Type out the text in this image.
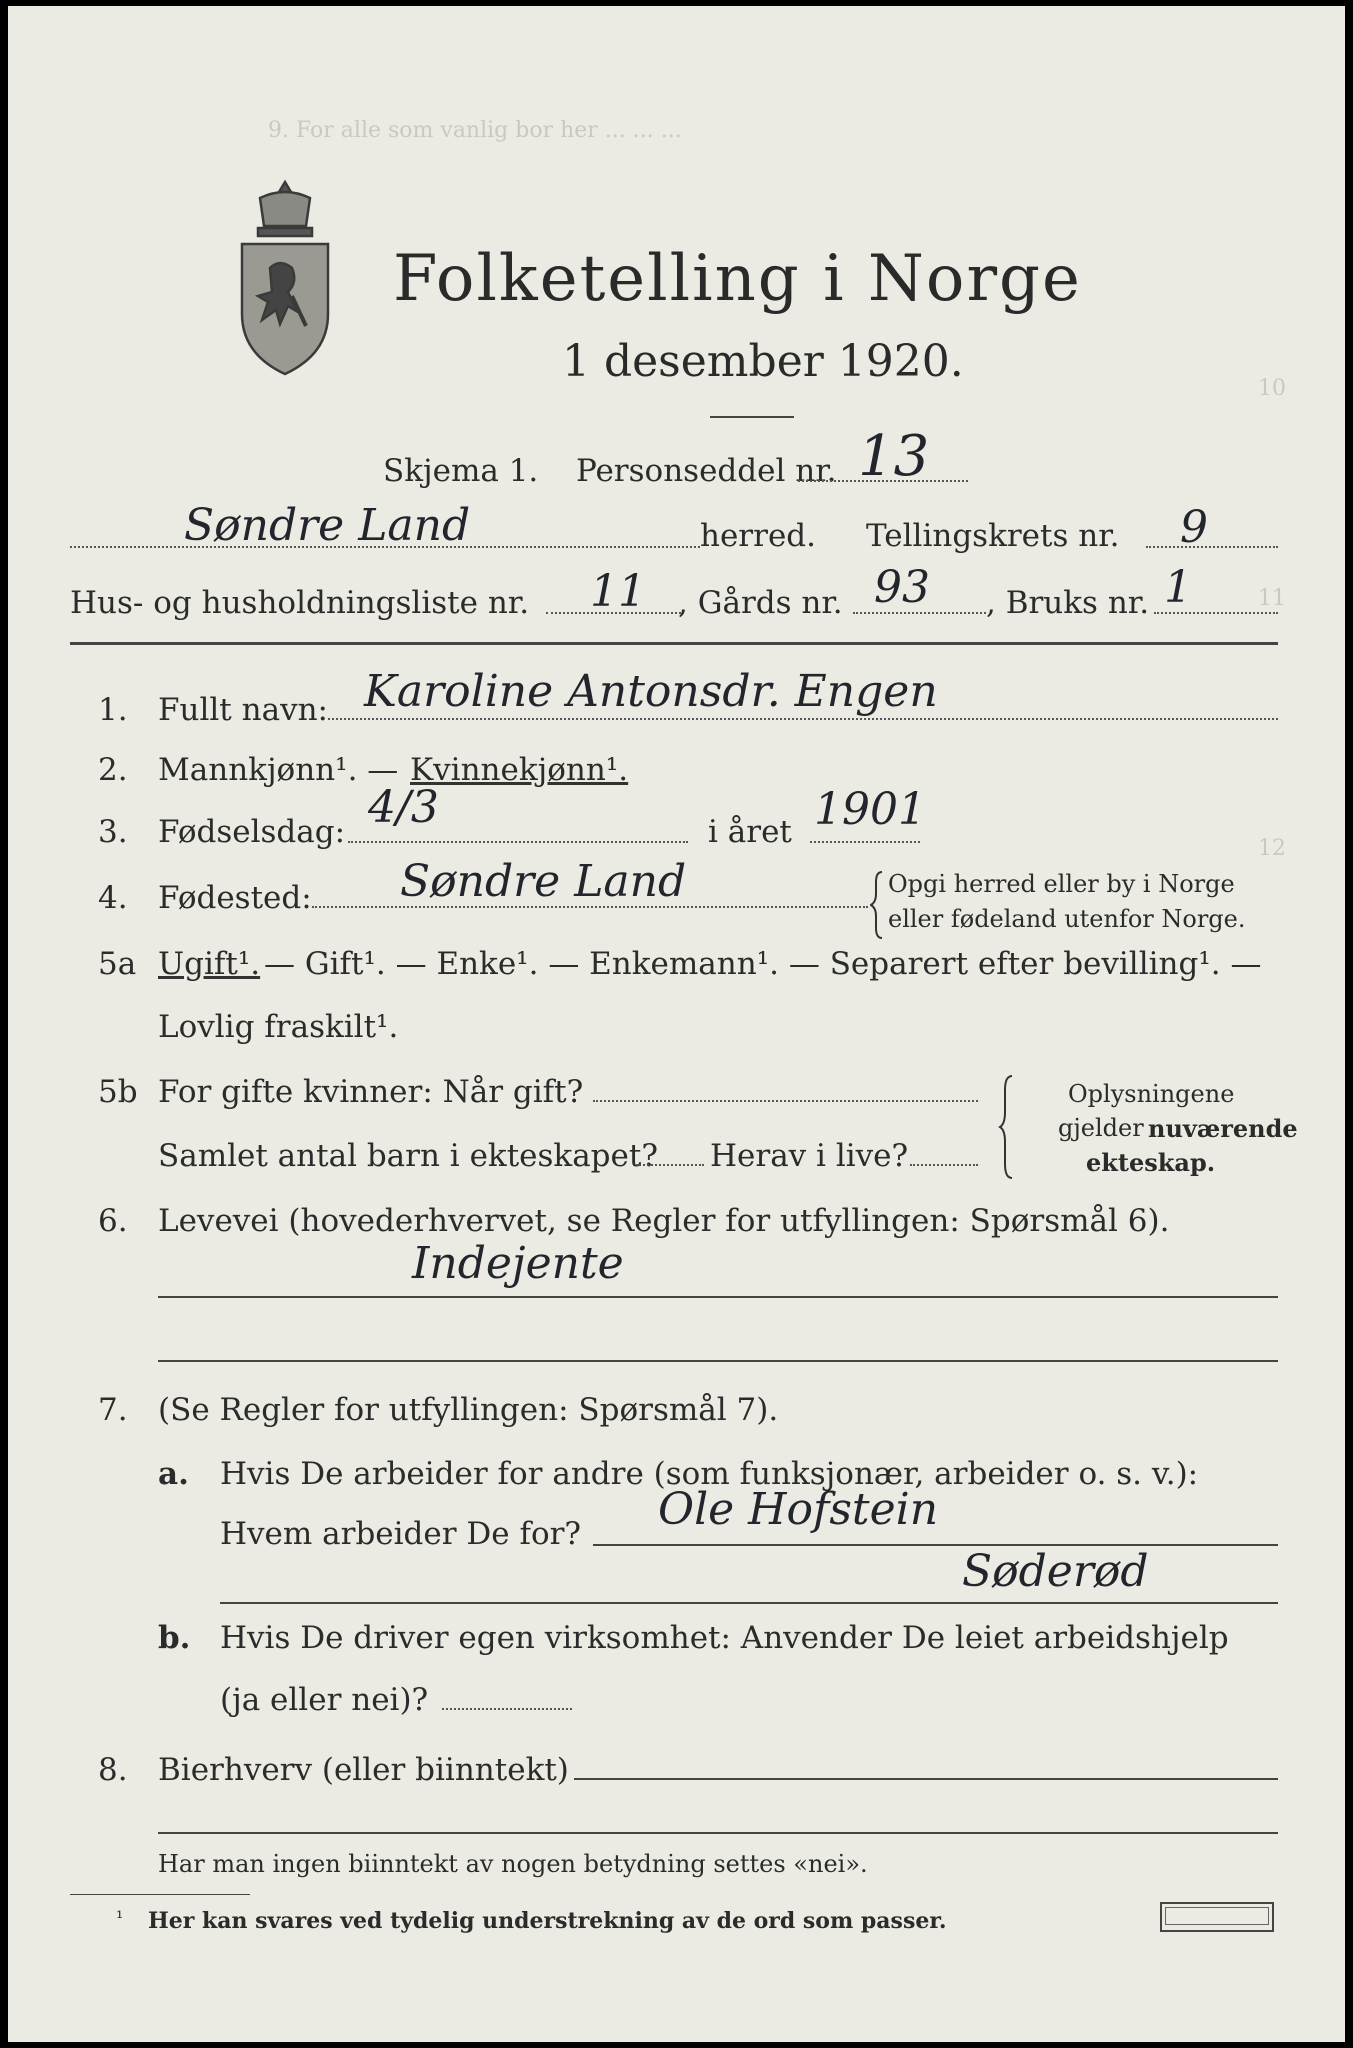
9. For alle som vanlig bor her ... ... ...
10
11
12
Folketelling i Norge
1 desember 1920.
Skjema 1. Personseddel nr. 13
Søndre Land	herred. Tellingskrets nr. 9
Hus- og husholdningsliste nr. 11 , Gårds nr. 93 , Bruks nr. 1
1. Fullt navn: Karoline Antonsdr. Engen
2. Mannkjønn¹. — Kvinnekjønn¹.
3. Fødselsdag: 4/3	i året 1901
4. Fødested: Søndre Land	Opgi herred eller by i Norge
eller fødeland utenfor Norge.
5a Ugift¹. — Gift¹. — Enke¹. — Enkemann¹. — Separert efter bevilling¹. —
Lovlig fraskilt¹.
5b For gifte kvinner: Når gift?
Samlet antal barn i ekteskapet? Herav i live?
Oplysningene
gjelder nuværende
ekteskap.
6. Levevei (hovederhvervet, se Regler for utfyllingen: Spørsmål 6).
Indejente
7. (Se Regler for utfyllingen: Spørsmål 7).
a. Hvis De arbeider for andre (som funksjonær, arbeider o. s. v.):
Hvem arbeider De for? Ole Hofstein
Søderød
b. Hvis De driver egen virksomhet: Anvender De leiet arbeidshjelp
(ja eller nei)?
8. Bierhverv (eller biinntekt)
Har man ingen biinntekt av nogen betydning settes «nei».
¹ Her kan svares ved tydelig understrekning av de ord som passer.
